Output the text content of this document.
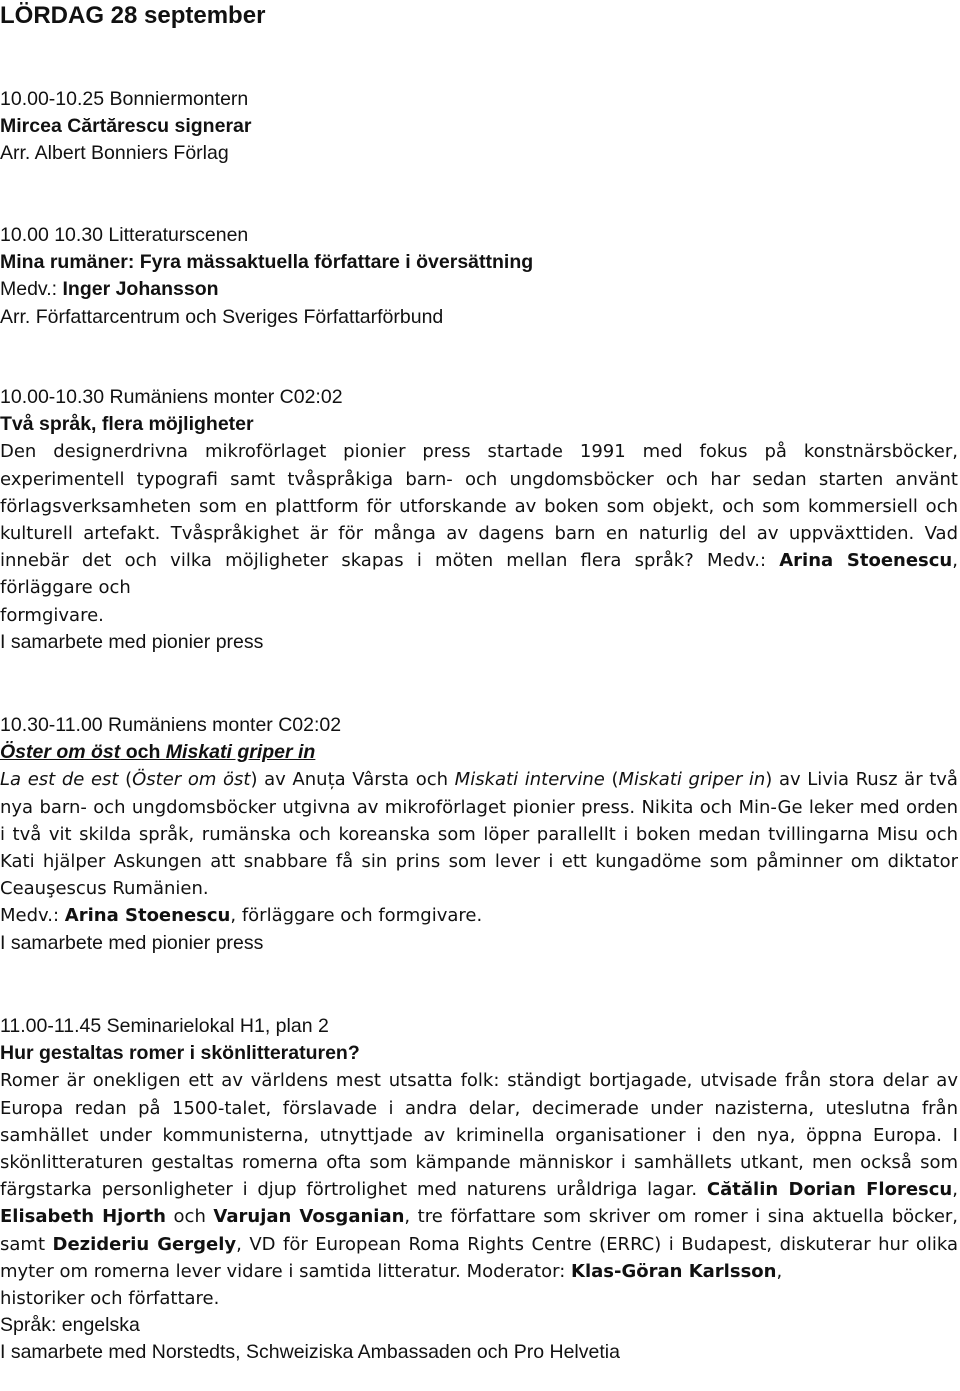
LÖRDAG 28 september
10.00-10.25 Bonniermontern
Mircea Cărtărescu signerar
Arr. Albert Bonniers Förlag
10.00 10.30 Litteraturscenen
Mina rumäner: Fyra mässaktuella författare i översättning
Medv.: Inger Johansson
Arr. Författarcentrum och Sveriges Författarförbund
10.00-10.30 Rumäniens monter C02:02
Två språk, flera möjligheter

Den designerdrivna mikroförlaget pionier press startade 1991 med fokus på konstnärsböcker, experimentell typografi samt tvåspråkiga barn- och ungdomsböcker och har sedan starten använt förlagsverksamheten som en plattform för utforskande av boken som objekt, och som kommersiell och kulturell artefakt. Tvåspråkighet är för många av dagens barn en naturlig del av uppväxttiden. Vad innebär det och vilka möjligheter skapas i möten mellan flera språk? Medv.: Arina Stoenescu, förläggare och

formgivare.

I samarbete med pionier press
10.30-11.00 Rumäniens monter C02:02
Öster om öst och Miskati griper in

La est de est (Öster om öst) av Anuța Vârsta och Miskati intervine (Miskati griper in) av Livia Rusz är två nya barn- och ungdomsböcker utgivna av mikroförlaget pionier press. Nikita och Min-Ge leker med orden i två vit skilda språk, rumänska och koreanska som löper parallellt i boken medan tvillingarna Misu och Kati hjälper Askungen att snabbare få sin prins som lever i ett kungadöme som påminner om diktator Ceauşescus Rumänien.

Medv.: Arina Stoenescu, förläggare och formgivare.

I samarbete med pionier press
11.00-11.45 Seminarielokal H1, plan 2
Hur gestaltas romer i skönlitteraturen?

Romer är onekligen ett av världens mest utsatta folk: ständigt bortjagade, utvisade från stora delar av Europa redan på 1500-talet, förslavade i andra delar, decimerade under nazisterna, uteslutna från samhället under kommunisterna, utnyttjade av kriminella organisationer i den nya, öppna Europa. I skönlitteraturen gestaltas romerna ofta som kämpande människor i samhällets utkant, men också som färgstarka personligheter i djup förtrolighet med naturens uråldriga lagar. Cătălin Dorian Florescu, Elisabeth Hjorth och Varujan Vosganian, tre författare som skriver om romer i sina aktuella böcker, samt Dezideriu Gergely, VD för European Roma Rights Centre (ERRC) i Budapest, diskuterar hur olika myter om romerna lever vidare i samtida litteratur. Moderator: Klas-Göran Karlsson,

historiker och författare.

Språk: engelska
I samarbete med Norstedts, Schweiziska Ambassaden och Pro Helvetia
